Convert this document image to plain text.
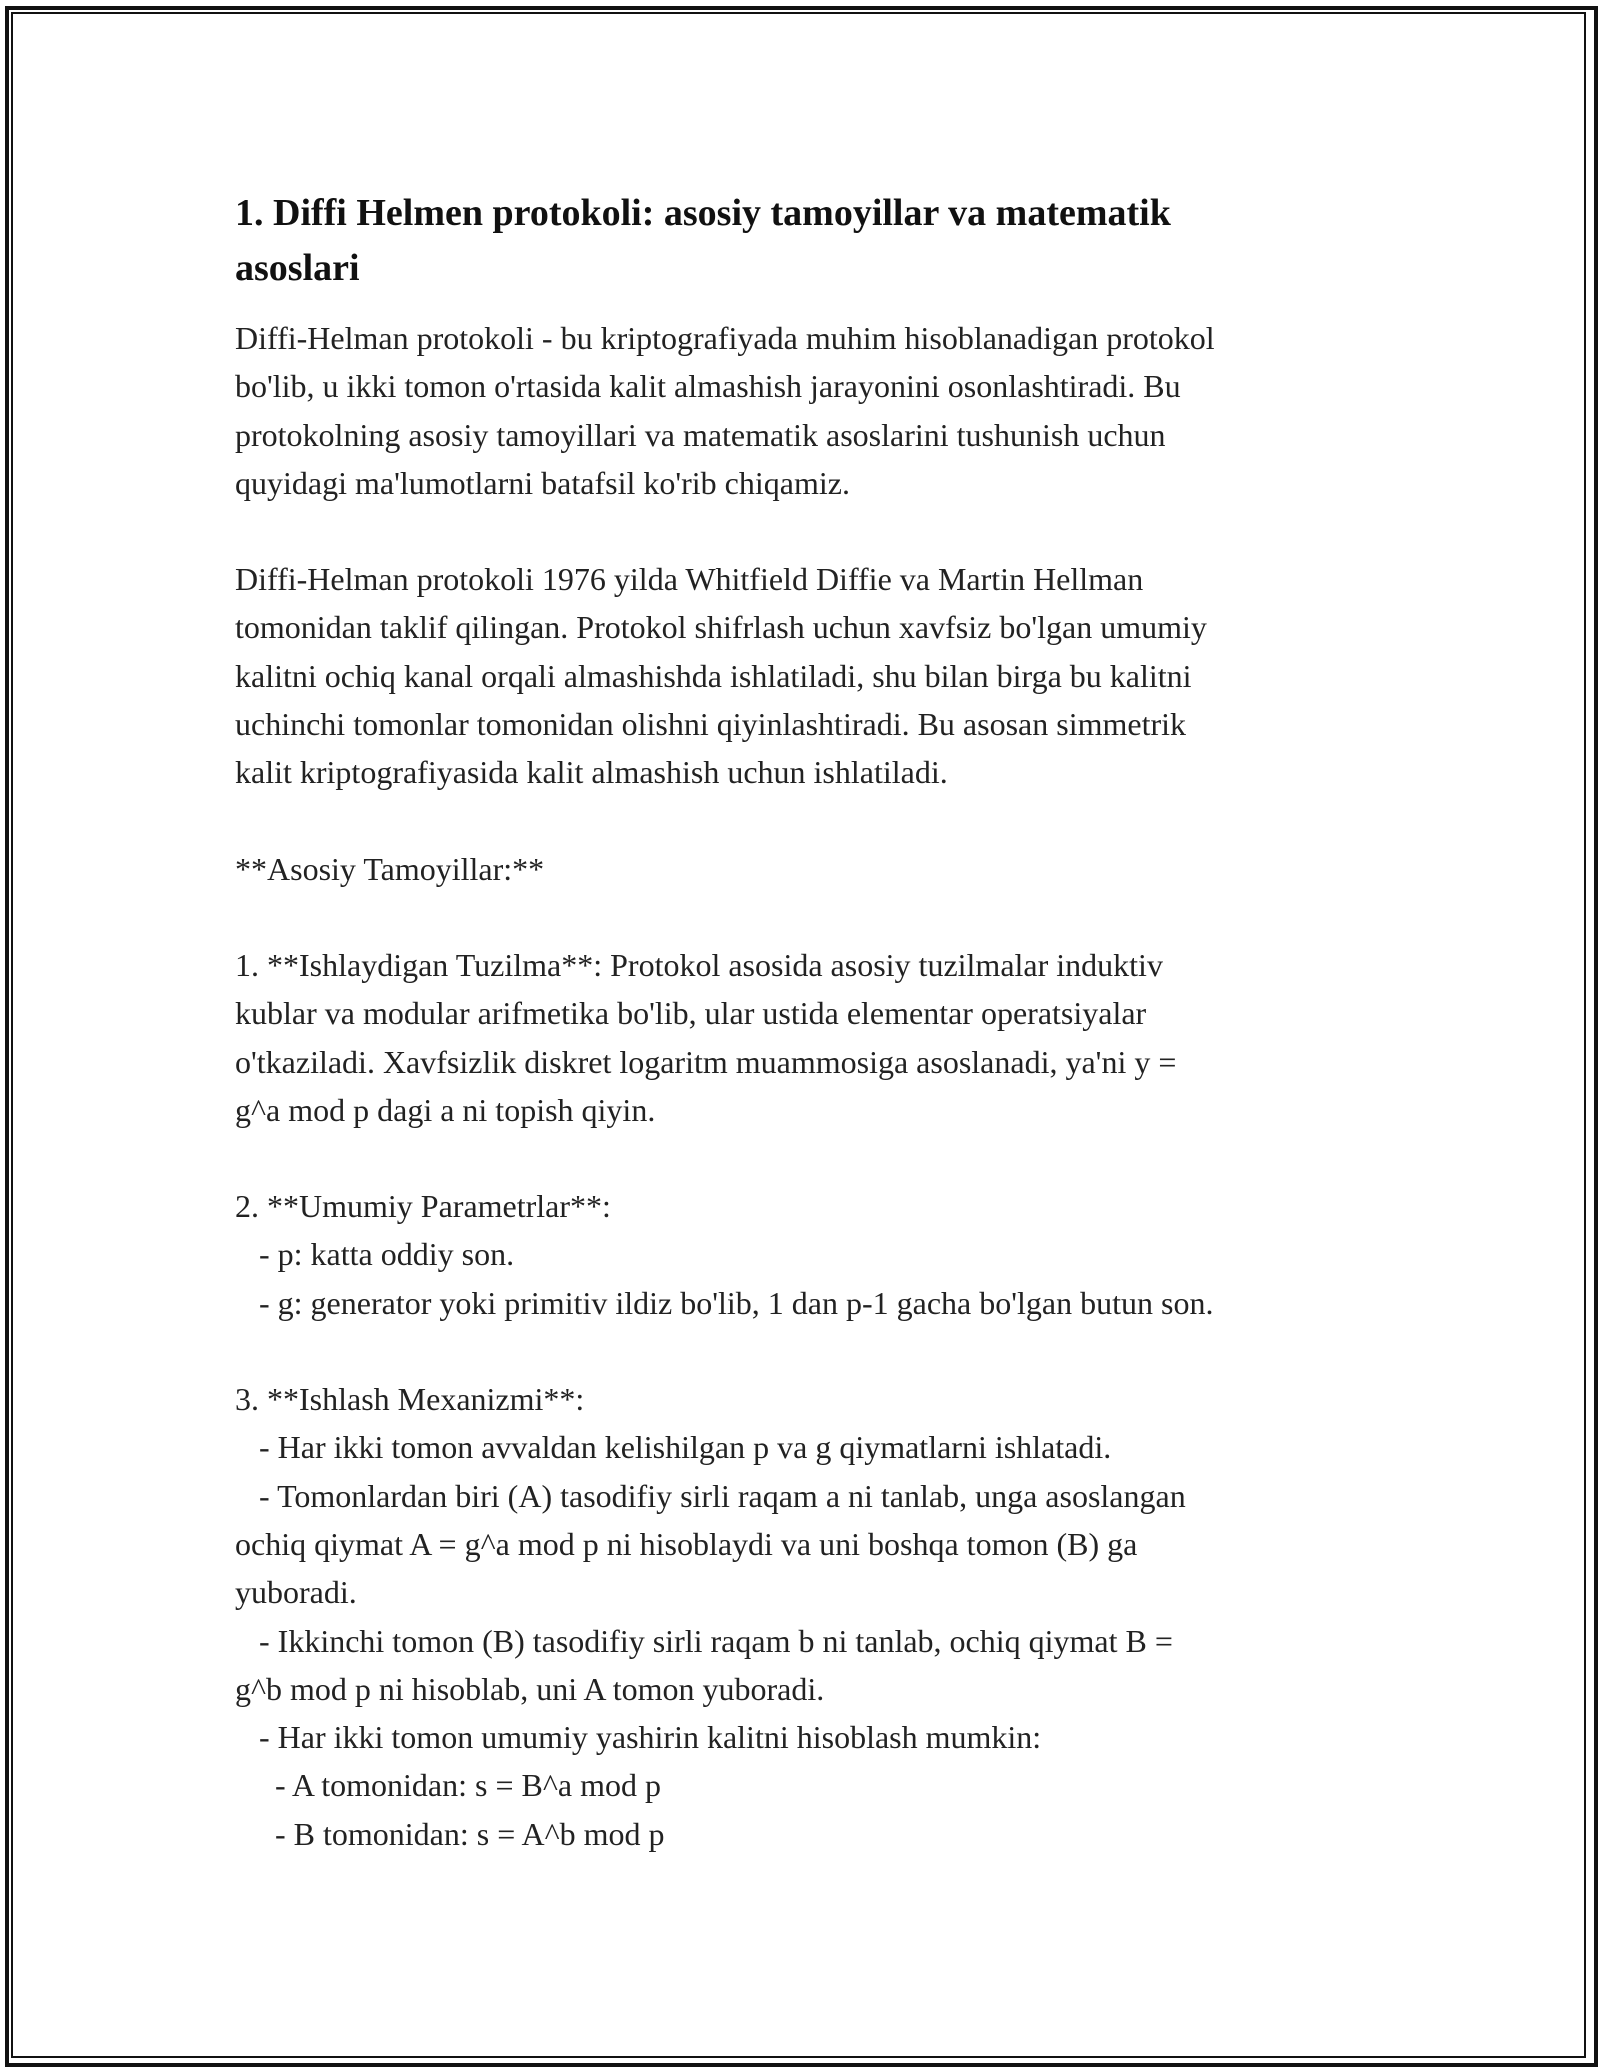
1. Diffi Helmen protokoli: asosiy tamoyillar va matematik
asoslari

Diffi-Helman protokoli - bu kriptografiyada muhim hisoblanadigan protokol
bo'lib, u ikki tomon o'rtasida kalit almashish jarayonini osonlashtiradi. Bu
protokolning asosiy tamoyillari va matematik asoslarini tushunish uchun
quyidagi ma'lumotlarni batafsil ko'rib chiqamiz.

Diffi-Helman protokoli 1976 yilda Whitfield Diffie va Martin Hellman
tomonidan taklif qilingan. Protokol shifrlash uchun xavfsiz bo'lgan umumiy
kalitni ochiq kanal orqali almashishda ishlatiladi, shu bilan birga bu kalitni
uchinchi tomonlar tomonidan olishni qiyinlashtiradi. Bu asosan simmetrik
kalit kriptografiyasida kalit almashish uchun ishlatiladi.

**Asosiy Tamoyillar:**

1. **Ishlaydigan Tuzilma**: Protokol asosida asosiy tuzilmalar induktiv
kublar va modular arifmetika bo'lib, ular ustida elementar operatsiyalar
o'tkaziladi. Xavfsizlik diskret logaritm muammosiga asoslanadi, ya'ni y =
g^a mod p dagi a ni topish qiyin.

2. **Umumiy Parametrlar**:
- p: katta oddiy son.
- g: generator yoki primitiv ildiz bo'lib, 1 dan p-1 gacha bo'lgan butun son.

3. **Ishlash Mexanizmi**:
- Har ikki tomon avvaldan kelishilgan p va g qiymatlarni ishlatadi.
- Tomonlardan biri (A) tasodifiy sirli raqam a ni tanlab, unga asoslangan
ochiq qiymat A = g^a mod p ni hisoblaydi va uni boshqa tomon (B) ga
yuboradi.
- Ikkinchi tomon (B) tasodifiy sirli raqam b ni tanlab, ochiq qiymat B =
g^b mod p ni hisoblab, uni A tomon yuboradi.
- Har ikki tomon umumiy yashirin kalitni hisoblash mumkin:
- A tomonidan: s = B^a mod p
- B tomonidan: s = A^b mod p
